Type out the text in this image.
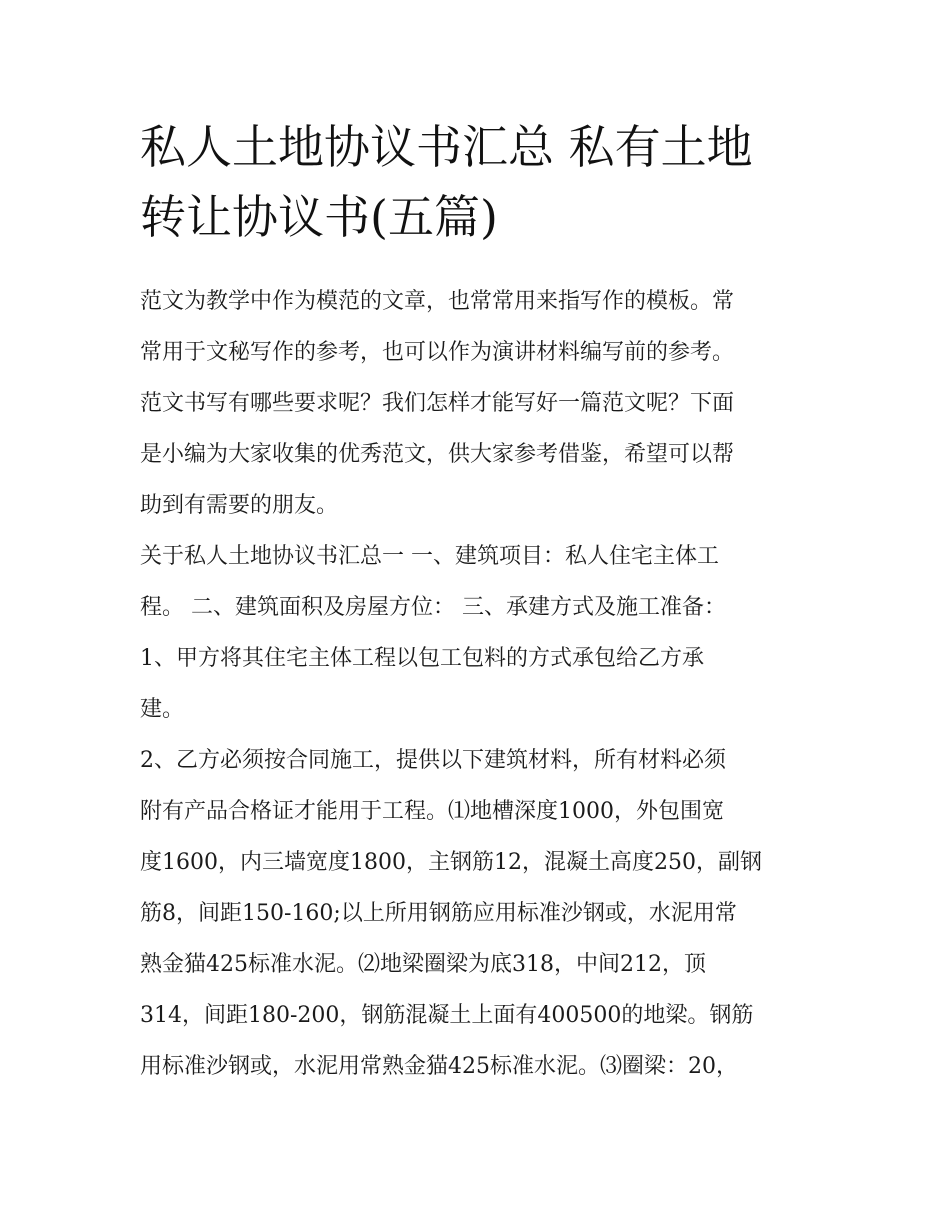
私人土地协议书汇总 私有土地
转让协议书(五篇)

范文为教学中作为模范的文章，也常常用来指写作的模板。常
常用于文秘写作的参考，也可以作为演讲材料编写前的参考。
范文书写有哪些要求呢？我们怎样才能写好一篇范文呢？下面
是小编为大家收集的优秀范文，供大家参考借鉴，希望可以帮
助到有需要的朋友。

关于私人土地协议书汇总一 一、建筑项目：私人住宅主体工
程。 二、建筑面积及房屋方位： 三、承建方式及施工准备：
1、甲方将其住宅主体工程以包工包料的方式承包给乙方承
建。

2、乙方必须按合同施工，提供以下建筑材料，所有材料必须
附有产品合格证才能用于工程。⑴地槽深度1000，外包围宽
度1600，内三墙宽度1800，主钢筋12，混凝土高度250，副钢
筋8，间距150-160;以上所用钢筋应用标准沙钢或，水泥用常
熟金猫425标准水泥。⑵地梁圈梁为底318，中间212，顶
314，间距180-200，钢筋混凝土上面有400500的地梁。钢筋
用标准沙钢或，水泥用常熟金猫425标准水泥。⑶圈梁：20，
